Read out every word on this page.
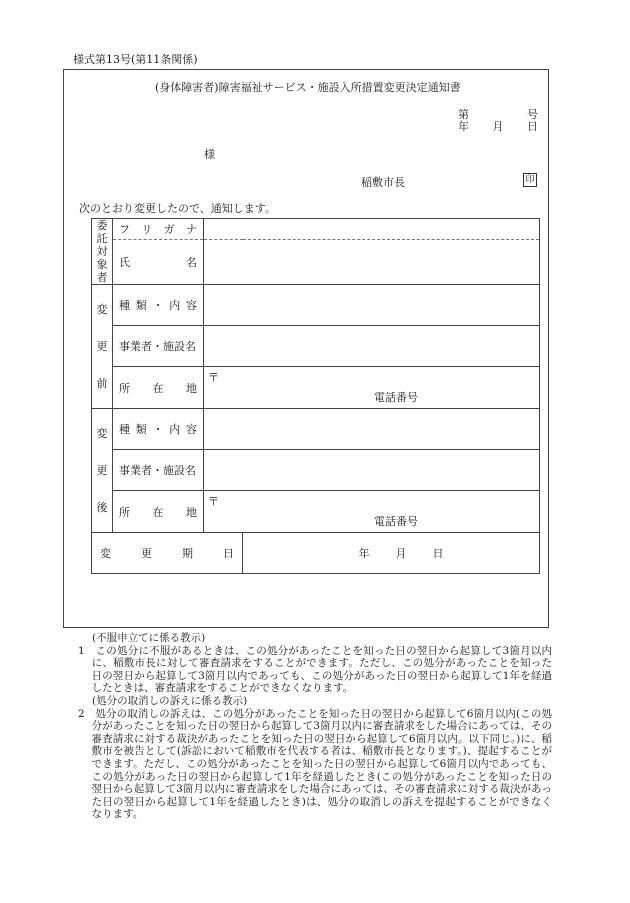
様式第13号(第11条関係)
(身体障害者)障害福祉サービス・施設入所措置変更決定通知書
第	号
年 月 日
様
稲敷市長	印
次のとおり変更したので、通知します。
委
託
対
象
者	フ リ ガ ナ		

	氏 名		

変
更
前	種 類 ・ 内 容		

	事業者・施設名		

	所 在 地	〒
電話番号	

変
更
後	種 類 ・ 内 容		

	事業者・施設名		

	所 在 地	〒
電話番号	

変 更 期 日			年 月 日

(不服申立てに係る教示)

1　この処分に不服があるときは、この処分があったことを知った日の翌日から起算して3箇月以内に、稲敷市長に対して審査請求をすることができます。ただし、この処分があったことを知った日の翌日から起算して3箇月以内であっても、この処分があった日の翌日から起算して1年を経過したときは、審査請求をすることができなくなります。

(処分の取消しの訴えに係る教示)

2　処分の取消しの訴えは、この処分があったことを知った日の翌日から起算して6箇月以内(この処分があったことを知った日の翌日から起算して3箇月以内に審査請求をした場合にあっては、その審査請求に対する裁決があったことを知った日の翌日から起算して6箇月以内。以下同じ。)に、稲敷市を被告として(訴訟において稲敷市を代表する者は、稲敷市長となります。)、提起することができます。ただし、この処分があったことを知った日の翌日から起算して6箇月以内であっても、この処分があった日の翌日から起算して1年を経過したとき(この処分があったことを知った日の翌日から起算して3箇月以内に審査請求をした場合にあっては、その審査請求に対する裁決があった日の翌日から起算して1年を経過したとき)は、処分の取消しの訴えを提起することができなくなります。
